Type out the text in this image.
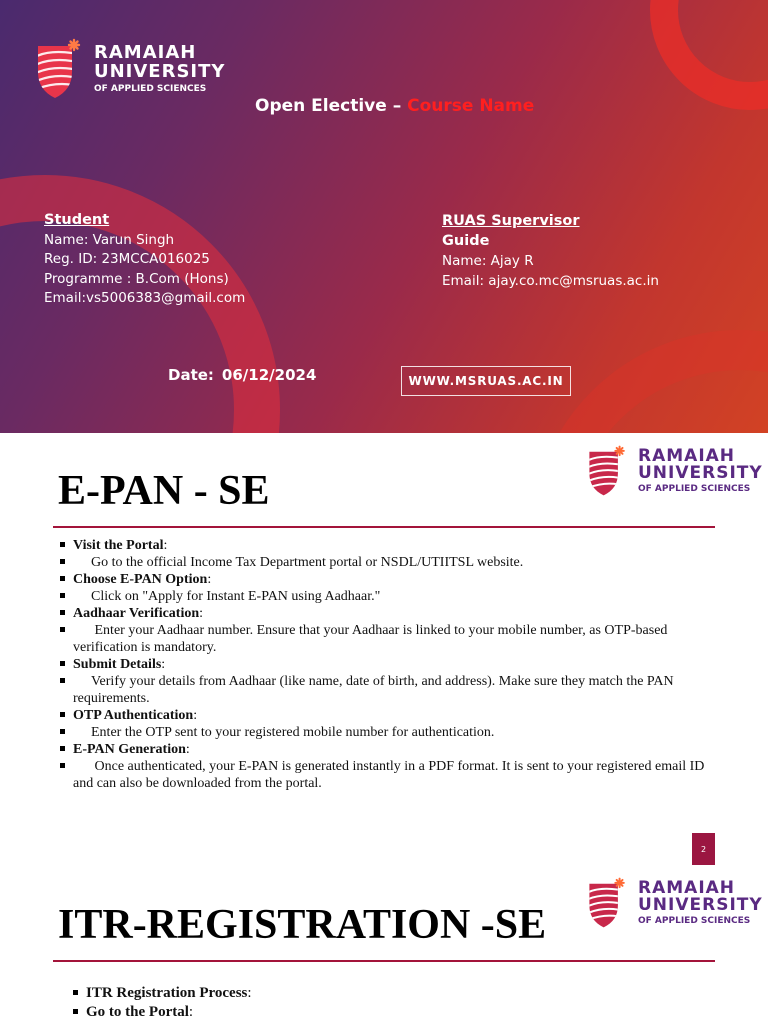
RAMAIAH
UNIVERSITY
OF APPLIED SCIENCES
Open Elective – Course Name
Student
Name: Varun Singh
Reg. ID: 23MCCA016025
Programme : B.Com (Hons)
Email:vs5006383@gmail.com
RUAS Supervisor
Guide
Name: Ajay R
Email: ajay.co.mc@msruas.ac.in
Date: 06/12/2024	WWW.MSRUAS.AC.IN
RAMAIAH
UNIVERSITY
OF APPLIED SCIENCES
E-PAN - SE
Visit the Portal:
Go to the official Income Tax Department portal or NSDL/UTIITSL website.
Choose E-PAN Option:
Click on "Apply for Instant E-PAN using Aadhaar."
Aadhaar Verification:
Enter your Aadhaar number. Ensure that your Aadhaar is linked to your mobile number, as OTP-based verification is mandatory.
Submit Details:
Verify your details from Aadhaar (like name, date of birth, and address). Make sure they match the PAN requirements.
OTP Authentication:
Enter the OTP sent to your registered mobile number for authentication.
E-PAN Generation:
Once authenticated, your E-PAN is generated instantly in a PDF format. It is sent to your registered email ID and can also be downloaded from the portal.
2
RAMAIAH
UNIVERSITY
OF APPLIED SCIENCES
ITR-REGISTRATION -SE
ITR Registration Process:
Go to the Portal:
